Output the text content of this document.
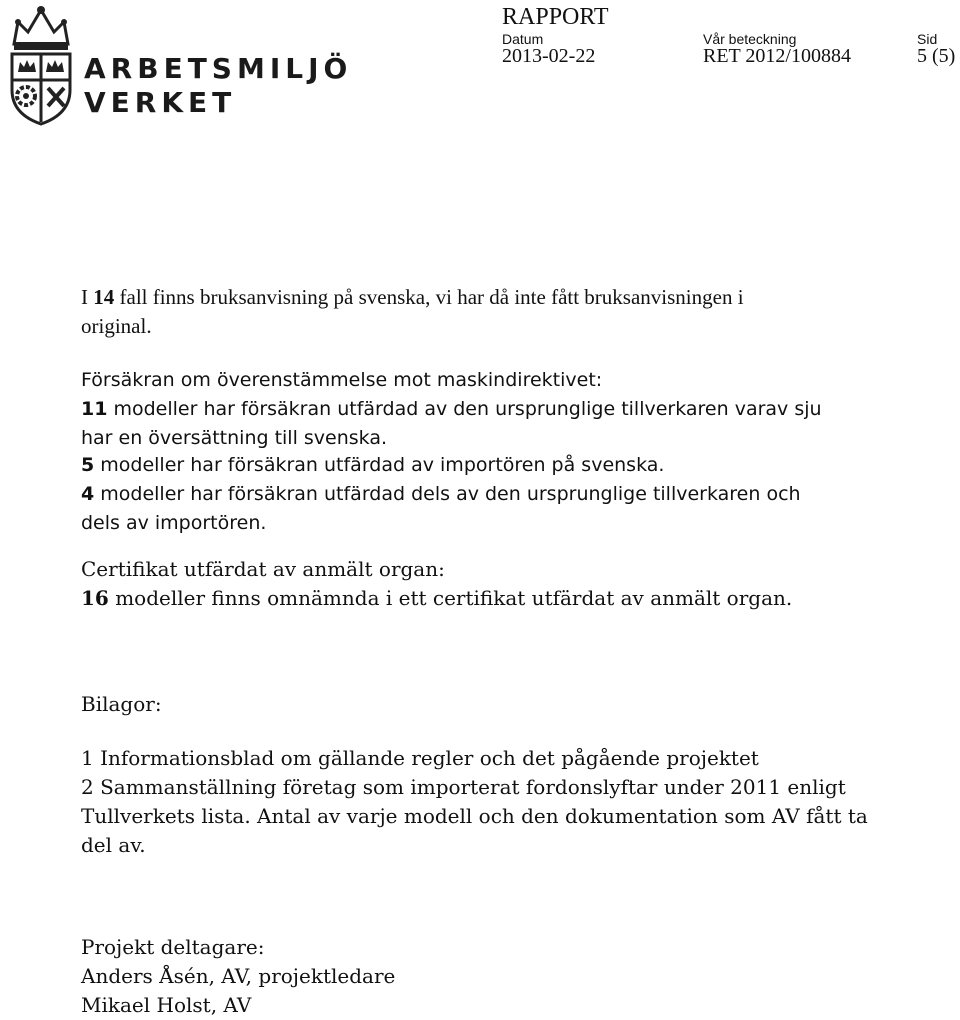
ARBETSMILJÖ
VERKET
RAPPORT
Datum
2013-02-22
Vår beteckning
RET 2012/100884
Sid
5 (5)
I 14 fall finns bruksanvisning på svenska, vi har då inte fått bruksanvisningen i
original.
Försäkran om överenstämmelse mot maskindirektivet:
11 modeller har försäkran utfärdad av den ursprunglige tillverkaren varav sju
har en översättning till svenska.
5 modeller har försäkran utfärdad av importören på svenska.
4 modeller har försäkran utfärdad dels av den ursprunglige tillverkaren och
dels av importören.
Certifikat utfärdat av anmält organ:
16 modeller finns omnämnda i ett certifikat utfärdat av anmält organ.
Bilagor:
1 Informationsblad om gällande regler och det pågående projektet
2 Sammanställning företag som importerat fordonslyftar under 2011 enligt
Tullverkets lista. Antal av varje modell och den dokumentation som AV fått ta
del av.
Projekt deltagare:
Anders Åsén, AV, projektledare
Mikael Holst, AV
